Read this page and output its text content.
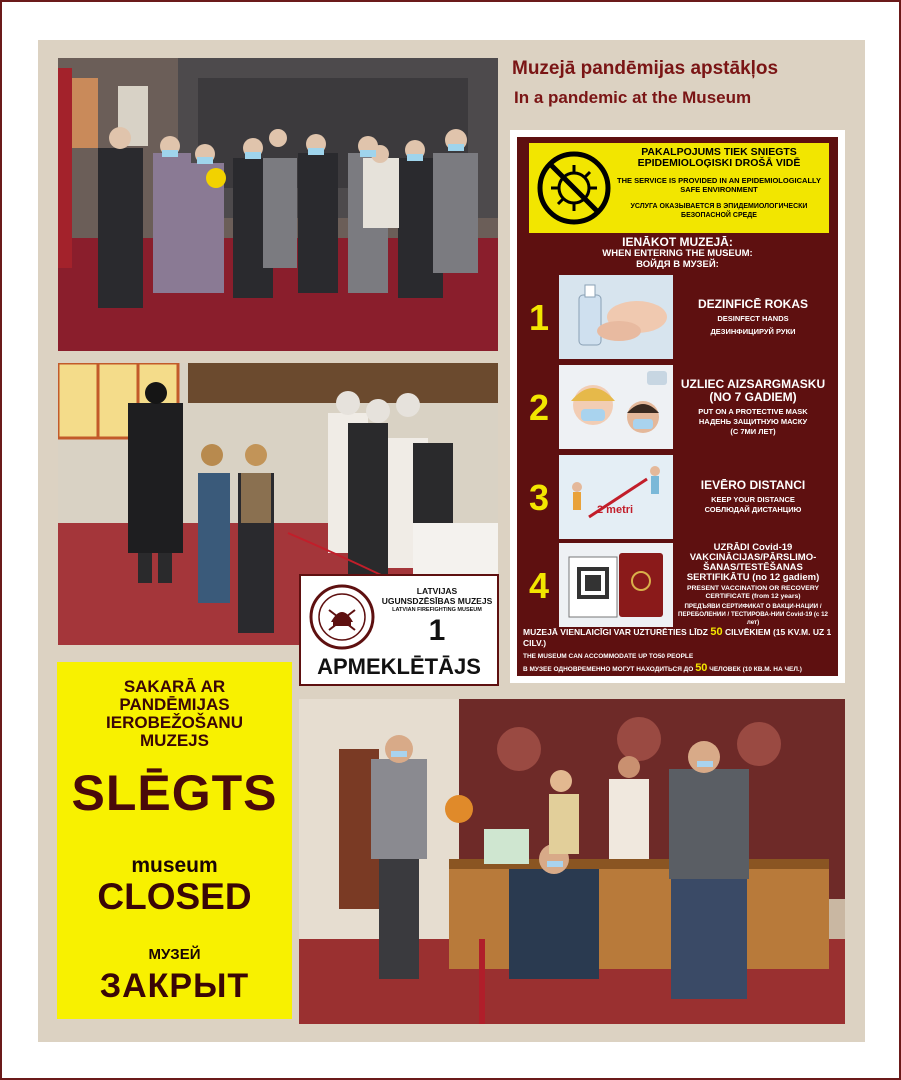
Muzejā pandēmijas apstākļos
In a pandemic at the Museum
PAKALPOJUMS TIEK SNIEGTS EPIDEMIOLOĢISKI DROŠĀ VIDĒ
THE SERVICE IS PROVIDED IN AN EPIDEMIOLOGICALLY SAFE ENVIRONMENT
УСЛУГА ОКАЗЫВАЕТСЯ В ЭПИДЕМИОЛОГИЧЕСКИ БЕЗОПАСНОЙ СРЕДЕ
IENĀKOT MUZEJĀ:
WHEN ENTERING THE MUSEUM:
ВОЙДЯ В МУЗЕЙ:
1	DEZINFICĒ ROKAS
DESINFECT HANDS
ДЕЗИНФИЦИРУЙ РУКИ
2
UZLIEC AIZSARGMASKU (NO 7 GADIEM)
PUT ON A PROTECTIVE MASK
НАДЕНЬ ЗАЩИТНУЮ МАСКУ
(С 7МИ ЛЕТ)
3	2 metri
IEVĒRO DISTANCI
KEEP YOUR DISTANCE
СОБЛЮДАЙ ДИСТАНЦИЮ
4
UZRĀDI Covid-19 VAKCINĀCIJAS/PĀRSLIMO-ŠANAS/TESTĒŠANAS SERTIFIKĀTU (no 12 gadiem)
PRESENT VACCINATION OR RECOVERY CERTIFICATE (from 12 years)
ПРЕДЪЯВИ СЕРТИФИКАТ О ВАКЦИ-НАЦИИ / ПЕРЕБОЛЕНИИ / ТЕСТИРОВА-НИИ Covid-19 (с 12 лет)
MUZEJĀ VIENLAICĪGI VAR UZTURĒTIES LĪDZ 50 CILVĒKIEM (15 KV.M. UZ 1 CILV.)
THE MUSEUM CAN ACCOMMODATE UP TO50 PEOPLE
В МУЗЕЕ ОДНОВРЕМЕННО МОГУТ НАХОДИТЬСЯ ДО 50 ЧЕЛОВЕК (10 КВ.М. НА ЧЕЛ.)
LATVIJAS UGUNSDZĒSĪBAS MUZEJS
LATVIAN FIREFIGHTING MUSEUM
1
APMEKLĒTĀJS
SAKARĀ AR
PANDĒMIJAS
IEROBEŽOŠANU
MUZEJS
SLĒGTS
museum
CLOSED
МУЗЕЙ
ЗАКРЫТ
